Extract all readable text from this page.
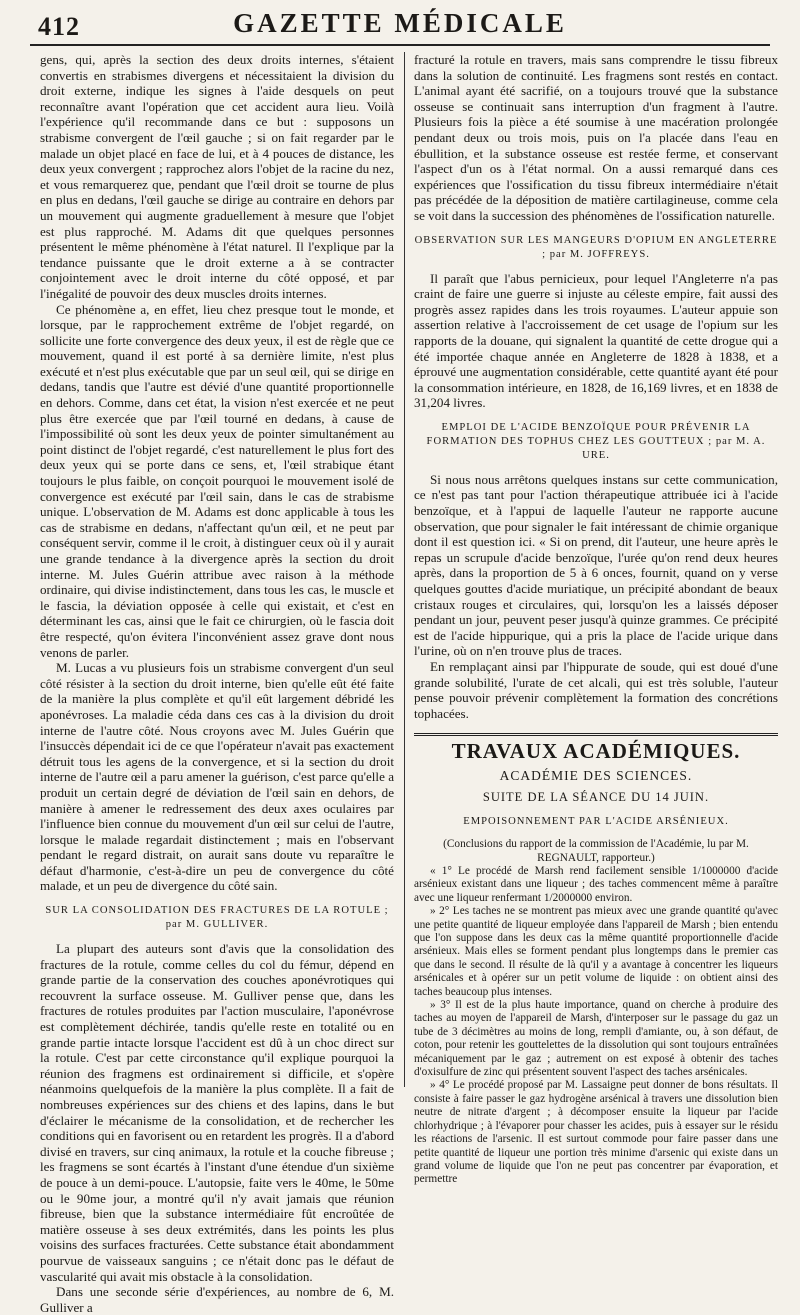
412	GAZETTE MÉDICALE

gens, qui, après la section des deux droits internes, s'étaient convertis en strabismes divergens et nécessitaient la division du droit externe, indique les signes à l'aide desquels on peut reconnaître avant l'opération que cet accident aura lieu. Voilà l'expérience qu'il recommande dans ce but : supposons un strabisme convergent de l'œil gauche ; si on fait regarder par le malade un objet placé en face de lui, et à 4 pouces de distance, les deux yeux convergent ; rapprochez alors l'objet de la racine du nez, et vous remarquerez que, pendant que l'œil droit se tourne de plus en plus en dedans, l'œil gauche se dirige au contraire en dehors par un mouvement qui augmente graduellement à mesure que l'objet est plus rapproché. M. Adams dit que quelques personnes présentent le même phénomène à l'état naturel. Il l'explique par la tendance puissante que le droit externe a à se contracter conjointement avec le droit interne du côté opposé, et par l'inégalité de pouvoir des deux muscles droits internes.

Ce phénomène a, en effet, lieu chez presque tout le monde, et lorsque, par le rapprochement extrême de l'objet regardé, on sollicite une forte convergence des deux yeux, il est de règle que ce mouvement, quand il est porté à sa dernière limite, n'est plus exécuté et n'est plus exécutable que par un seul œil, qui se dirige en dedans, tandis que l'autre est dévié d'une quantité proportionnelle en dehors. Comme, dans cet état, la vision n'est exercée et ne peut plus être exercée que par l'œil tourné en dedans, à cause de l'impossibilité où sont les deux yeux de pointer simultanément au point distinct de l'objet regardé, c'est naturellement le plus fort des deux yeux qui se porte dans ce sens, et, l'œil strabique étant toujours le plus faible, on conçoit pourquoi le mouvement isolé de convergence est exécuté par l'œil sain, dans le cas de strabisme unique. L'observation de M. Adams est donc applicable à tous les cas de strabisme en dedans, n'affectant qu'un œil, et ne peut par conséquent servir, comme il le croit, à distinguer ceux où il y aurait une grande tendance à la divergence après la section du droit interne. M. Jules Guérin attribue avec raison à la méthode ordinaire, qui divise indistinctement, dans tous les cas, le muscle et le fascia, la déviation opposée à celle qui existait, et c'est en déterminant les cas, ainsi que le fait ce chirurgien, où le fascia doit être respecté, qu'on évitera l'inconvénient assez grave dont nous venons de parler.

M. Lucas a vu plusieurs fois un strabisme convergent d'un seul côté résister à la section du droit interne, bien qu'elle eût été faite de la manière la plus complète et qu'il eût largement débridé les aponévroses. La maladie céda dans ces cas à la division du droit interne de l'autre côté. Nous croyons avec M. Jules Guérin que l'insuccès dépendait ici de ce que l'opérateur n'avait pas exactement détruit tous les agens de la convergence, et si la section du droit interne de l'autre œil a paru amener la guérison, c'est parce qu'elle a produit un certain degré de déviation de l'œil sain en dehors, de manière à amener le redressement des deux axes oculaires par l'influence bien connue du mouvement d'un œil sur celui de l'autre, lorsque le malade regardait distinctement ; mais en l'observant pendant le regard distrait, on aurait sans doute vu reparaître le défaut d'harmonie, c'est-à-dire un peu de convergence du côté malade, et un peu de divergence du côté sain.

SUR LA CONSOLIDATION DES FRACTURES DE LA ROTULE ; par M. GULLIVER.

La plupart des auteurs sont d'avis que la consolidation des fractures de la rotule, comme celles du col du fémur, dépend en grande partie de la conservation des couches aponévrotiques qui recouvrent la surface osseuse. M. Gulliver pense que, dans les fractures de rotules produites par l'action musculaire, l'aponévrose est complètement déchirée, tandis qu'elle reste en totalité ou en grande partie intacte lorsque l'accident est dû à un choc direct sur la rotule. C'est par cette circonstance qu'il explique pourquoi la réunion des fragmens est ordinairement si difficile, et s'opère néanmoins quelquefois de la manière la plus complète. Il a fait de nombreuses expériences sur des chiens et des lapins, dans le but d'éclairer le mécanisme de la consolidation, et de rechercher les conditions qui en favorisent ou en retardent les progrès. Il a d'abord divisé en travers, sur cinq animaux, la rotule et la couche fibreuse ; les fragmens se sont écartés à l'instant d'une étendue d'un sixième de pouce à un demi-pouce. L'autopsie, faite vers le 40me, le 50me ou le 90me jour, a montré qu'il n'y avait jamais que réunion fibreuse, bien que la substance intermédiaire fût encroûtée de matière osseuse à ses deux extrémités, dans les points les plus voisins des surfaces fracturées. Cette substance était abondamment pourvue de vaisseaux sanguins ; ce n'était donc pas le défaut de vascularité qui avait mis obstacle à la consolidation.

Dans une seconde série d'expériences, au nombre de 6, M. Gulliver a

fracturé la rotule en travers, mais sans comprendre le tissu fibreux dans la solution de continuité. Les fragmens sont restés en contact. L'animal ayant été sacrifié, on a toujours trouvé que la substance osseuse se continuait sans interruption d'un fragment à l'autre. Plusieurs fois la pièce a été soumise à une macération prolongée pendant deux ou trois mois, puis on l'a placée dans l'eau en ébullition, et la substance osseuse est restée ferme, et conservant l'aspect d'un os à l'état normal. On a aussi remarqué dans ces expériences que l'ossification du tissu fibreux intermédiaire n'était pas précédée de la déposition de matière cartilagineuse, comme cela se voit dans la succession des phénomènes de l'ossification naturelle.

OBSERVATION SUR LES MANGEURS D'OPIUM EN ANGLETERRE ; par M. JOFFREYS.

Il paraît que l'abus pernicieux, pour lequel l'Angleterre n'a pas craint de faire une guerre si injuste au céleste empire, fait aussi des progrès assez rapides dans les trois royaumes. L'auteur appuie son assertion relative à l'accroissement de cet usage de l'opium sur les rapports de la douane, qui signalent la quantité de cette drogue qui a été importée chaque année en Angleterre de 1828 à 1838, et a éprouvé une augmentation considérable, cette quantité ayant été pour la consommation intérieure, en 1828, de 16,169 livres, et en 1838 de 31,204 livres.

EMPLOI DE L'ACIDE BENZOÏQUE POUR PRÉVENIR LA FORMATION DES TOPHUS CHEZ LES GOUTTEUX ; par M. A. URE.

Si nous nous arrêtons quelques instans sur cette communication, ce n'est pas tant pour l'action thérapeutique attribuée ici à l'acide benzoïque, et à l'appui de laquelle l'auteur ne rapporte aucune observation, que pour signaler le fait intéressant de chimie organique dont il est question ici. « Si on prend, dit l'auteur, une heure après le repas un scrupule d'acide benzoïque, l'urée qu'on rend deux heures après, dans la proportion de 5 à 6 onces, fournit, quand on y verse quelques gouttes d'acide muriatique, un précipité abondant de beaux cristaux rouges et circulaires, qui, lorsqu'on les a laissés déposer pendant un jour, peuvent peser jusqu'à quinze grammes. Ce précipité est de l'acide hippurique, qui a pris la place de l'acide urique dans l'urine, où on n'en trouve plus de traces.

En remplaçant ainsi par l'hippurate de soude, qui est doué d'une grande solubilité, l'urate de cet alcali, qui est très soluble, l'auteur pense pouvoir prévenir complètement la formation des concrétions tophacées.

TRAVAUX ACADÉMIQUES.
ACADÉMIE DES SCIENCES.
SUITE DE LA SÉANCE DU 14 JUIN.
EMPOISONNEMENT PAR L'ACIDE ARSÉNIEUX.

(Conclusions du rapport de la commission de l'Académie, lu par M. REGNAULT, rapporteur.)

« 1° Le procédé de Marsh rend facilement sensible 1/1000000 d'acide arsénieux existant dans une liqueur ; des taches commencent même à paraître avec une liqueur renfermant 1/2000000 environ.

» 2° Les taches ne se montrent pas mieux avec une grande quantité qu'avec une petite quantité de liqueur employée dans l'appareil de Marsh ; bien entendu que l'on suppose dans les deux cas la même quantité proportionnelle d'acide arsénieux. Mais elles se forment pendant plus longtemps dans le premier cas que dans le second. Il résulte de là qu'il y a avantage à concentrer les liqueurs arsénicales et à opérer sur un petit volume de liquide : on obtient ainsi des taches beaucoup plus intenses.

» 3° Il est de la plus haute importance, quand on cherche à produire des taches au moyen de l'appareil de Marsh, d'interposer sur le passage du gaz un tube de 3 décimètres au moins de long, rempli d'amiante, ou, à son défaut, de coton, pour retenir les gouttelettes de la dissolution qui sont toujours entraînées mécaniquement par le gaz ; autrement on est exposé à obtenir des taches d'oxisulfure de zinc qui présentent souvent l'aspect des taches arsénicales.

» 4° Le procédé proposé par M. Lassaigne peut donner de bons résultats. Il consiste à faire passer le gaz hydrogène arsénical à travers une dissolution bien neutre de nitrate d'argent ; à décomposer ensuite la liqueur par l'acide chlorhydrique ; à l'évaporer pour chasser les acides, puis à essayer sur le résidu les réactions de l'arsenic. Il est surtout commode pour faire passer dans une petite quantité de liqueur une portion très minime d'arsenic qui existe dans un grand volume de liquide que l'on ne peut pas concentrer par évaporation, et permettre
